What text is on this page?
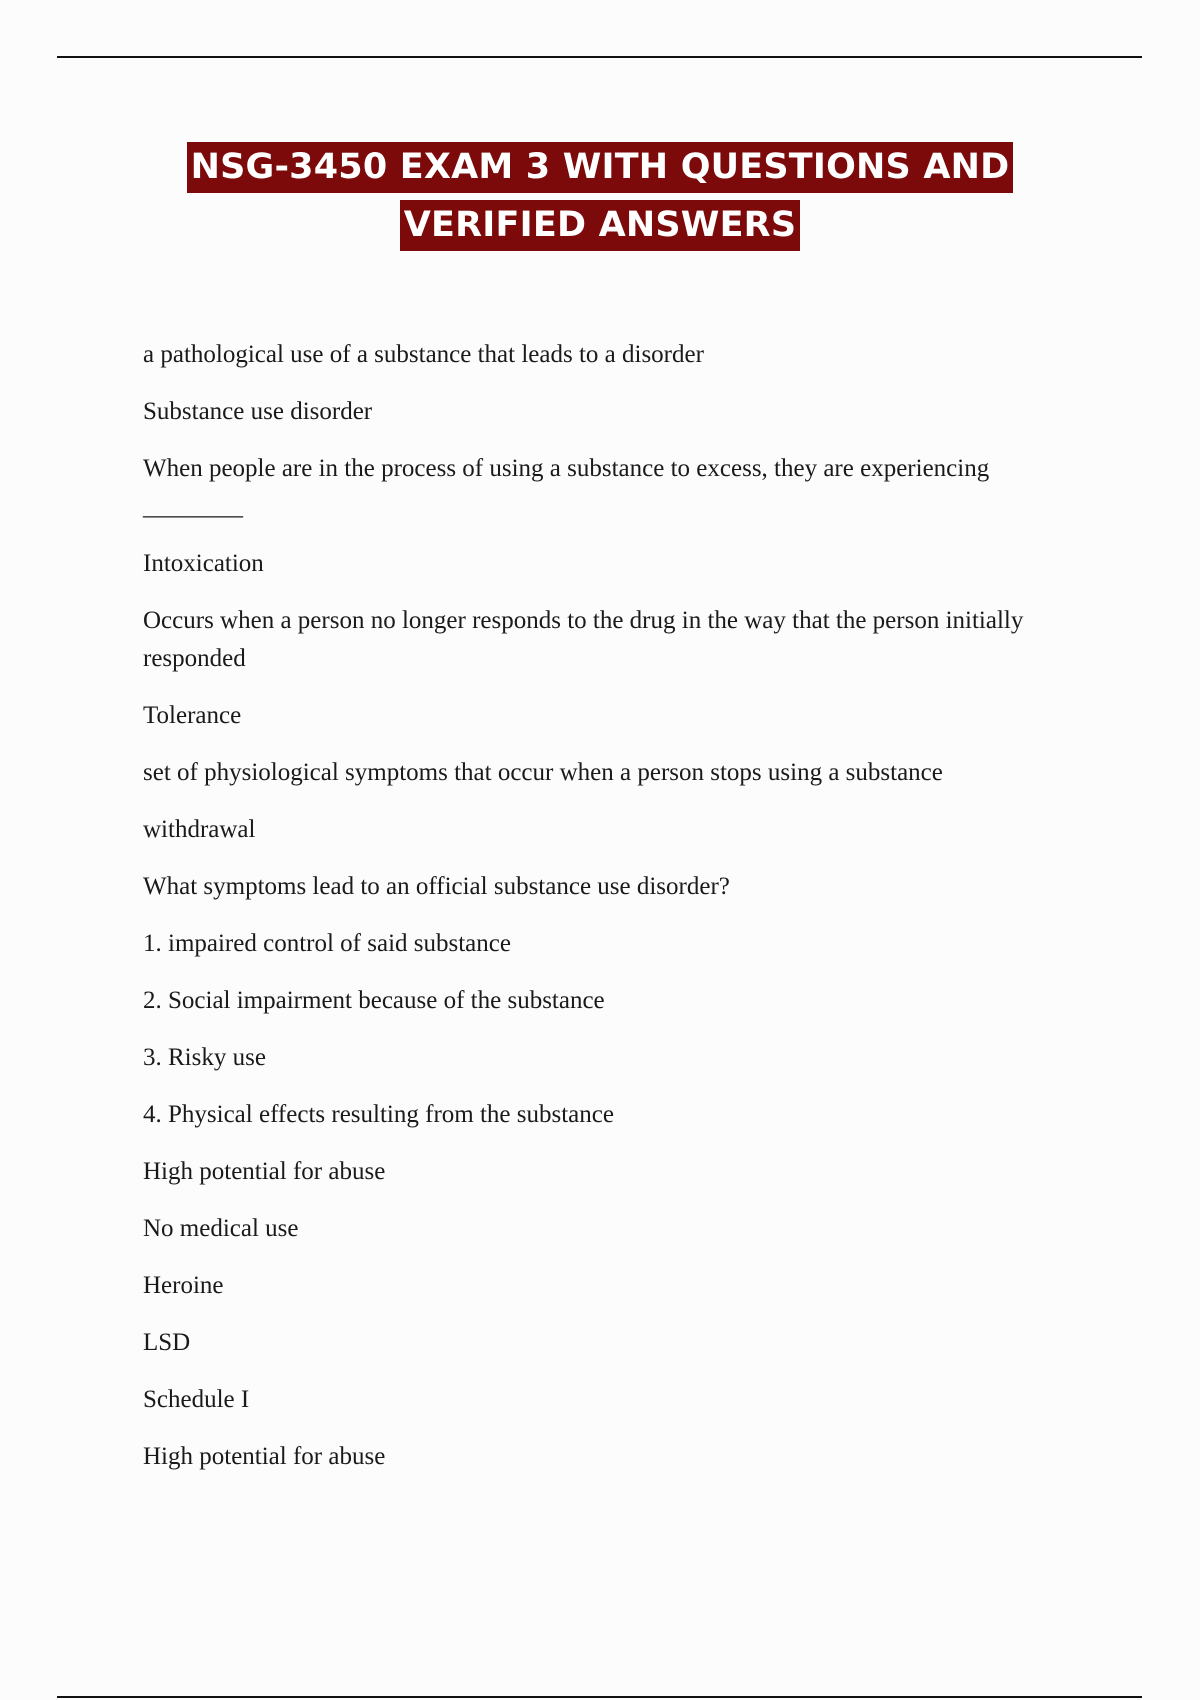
NSG-3450 EXAM 3 WITH QUESTIONS AND
VERIFIED ANSWERS

a pathological use of a substance that leads to a disorder

Substance use disorder

When people are in the process of using a substance to excess, they are experiencing ________

Intoxication

Occurs when a person no longer responds to the drug in the way that the person initially responded

Tolerance

set of physiological symptoms that occur when a person stops using a substance

withdrawal

What symptoms lead to an official substance use disorder?

1. impaired control of said substance

2. Social impairment because of the substance

3. Risky use

4. Physical effects resulting from the substance

High potential for abuse

No medical use

Heroine

LSD

Schedule I

High potential for abuse
